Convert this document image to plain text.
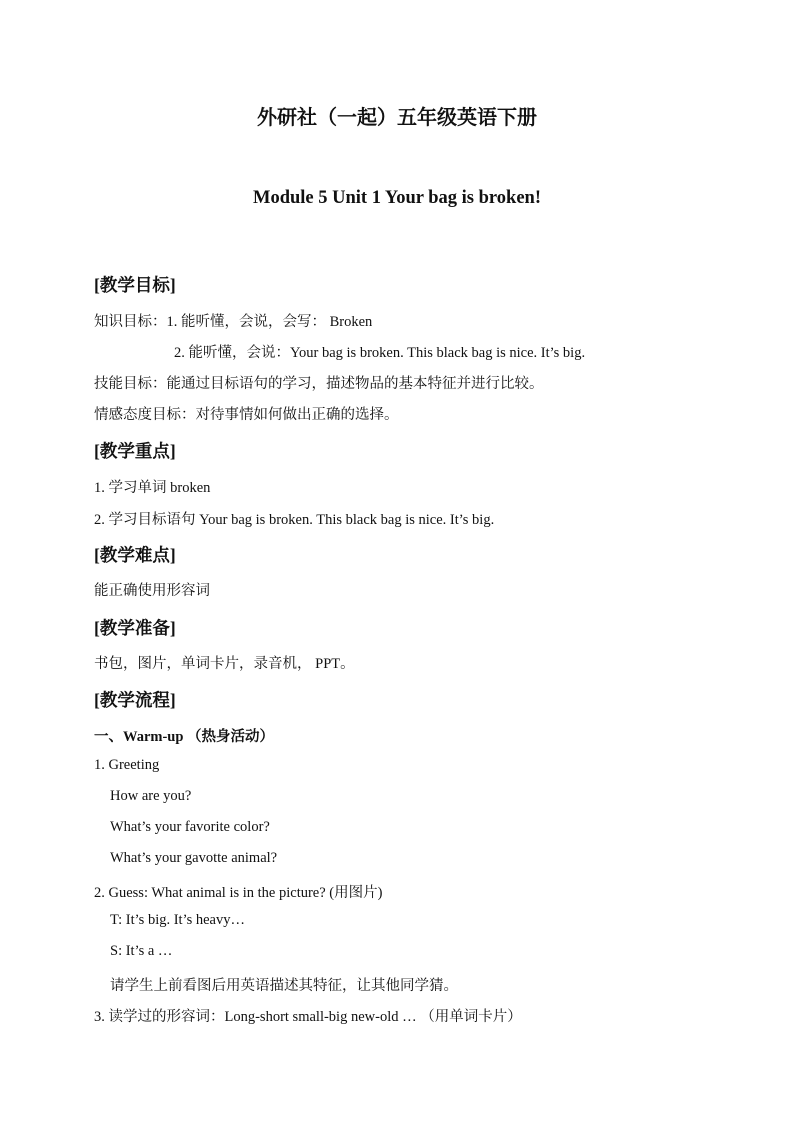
外研社（一起）五年级英语下册
Module 5 Unit 1 Your bag is broken!
[教学目标]
知识目标：1. 能听懂，会说，会写： Broken
2. 能听懂，会说：Your bag is broken. This black bag is nice. It’s big.
技能目标：能通过目标语句的学习，描述物品的基本特征并进行比较。
情感态度目标：对待事情如何做出正确的选择。
[教学重点]
1. 学习单词 broken
2. 学习目标语句 Your bag is broken. This black bag is nice. It’s big.
[教学难点]
能正确使用形容词
[教学准备]
书包，图片，单词卡片，录音机， PPT。
[教学流程]
一、Warm-up （热身活动）
1. Greeting
How are you?
What’s your favorite color?
What’s your gavotte animal?
2. Guess: What animal is in the picture? (用图片)
T: It’s big. It’s heavy…
S: It’s a …
请学生上前看图后用英语描述其特征，让其他同学猜。
3. 读学过的形容词：Long-short small-big new-old … （用单词卡片）
